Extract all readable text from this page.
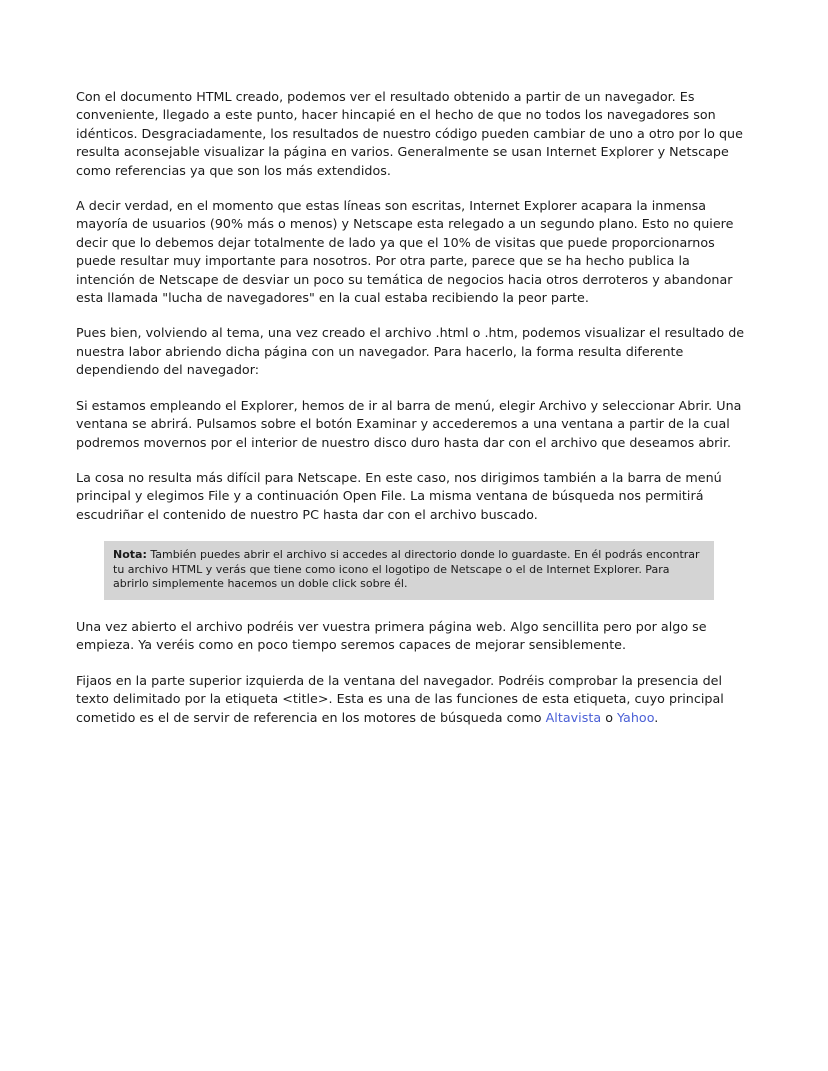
Con el documento HTML creado, podemos ver el resultado obtenido a partir de un navegador. Es conveniente, llegado a este punto, hacer hincapié en el hecho de que no todos los navegadores son idénticos. Desgraciadamente, los resultados de nuestro código pueden cambiar de uno a otro por lo que resulta aconsejable visualizar la página en varios. Generalmente se usan Internet Explorer y Netscape como referencias ya que son los más extendidos.

A decir verdad, en el momento que estas líneas son escritas, Internet Explorer acapara la inmensa mayoría de usuarios (90% más o menos) y Netscape esta relegado a un segundo plano. Esto no quiere decir que lo debemos dejar totalmente de lado ya que el 10% de visitas que puede proporcionarnos puede resultar muy importante para nosotros. Por otra parte, parece que se ha hecho publica la intención de Netscape de desviar un poco su temática de negocios hacia otros derroteros y abandonar esta llamada "lucha de navegadores" en la cual estaba recibiendo la peor parte.

Pues bien, volviendo al tema, una vez creado el archivo .html o .htm, podemos visualizar el resultado de nuestra labor abriendo dicha página con un navegador. Para hacerlo, la forma resulta diferente dependiendo del navegador:

Si estamos empleando el Explorer, hemos de ir al barra de menú, elegir Archivo y seleccionar Abrir. Una ventana se abrirá. Pulsamos sobre el botón Examinar y accederemos a una ventana a partir de la cual podremos movernos por el interior de nuestro disco duro hasta dar con el archivo que deseamos abrir.

La cosa no resulta más difícil para Netscape. En este caso, nos dirigimos también a la barra de menú principal y elegimos File y a continuación Open File. La misma ventana de búsqueda nos permitirá escudriñar el contenido de nuestro PC hasta dar con el archivo buscado.

Nota: También puedes abrir el archivo si accedes al directorio donde lo guardaste. En él podrás encontrar tu archivo HTML y verás que tiene como icono el logotipo de Netscape o el de Internet Explorer. Para abrirlo simplemente hacemos un doble click sobre él.

Una vez abierto el archivo podréis ver vuestra primera página web. Algo sencillita pero por algo se empieza. Ya veréis como en poco tiempo seremos capaces de mejorar sensiblemente.

Fijaos en la parte superior izquierda de la ventana del navegador. Podréis comprobar la presencia del texto delimitado por la etiqueta <title>. Esta es una de las funciones de esta etiqueta, cuyo principal cometido es el de servir de referencia en los motores de búsqueda como Altavista o Yahoo.
